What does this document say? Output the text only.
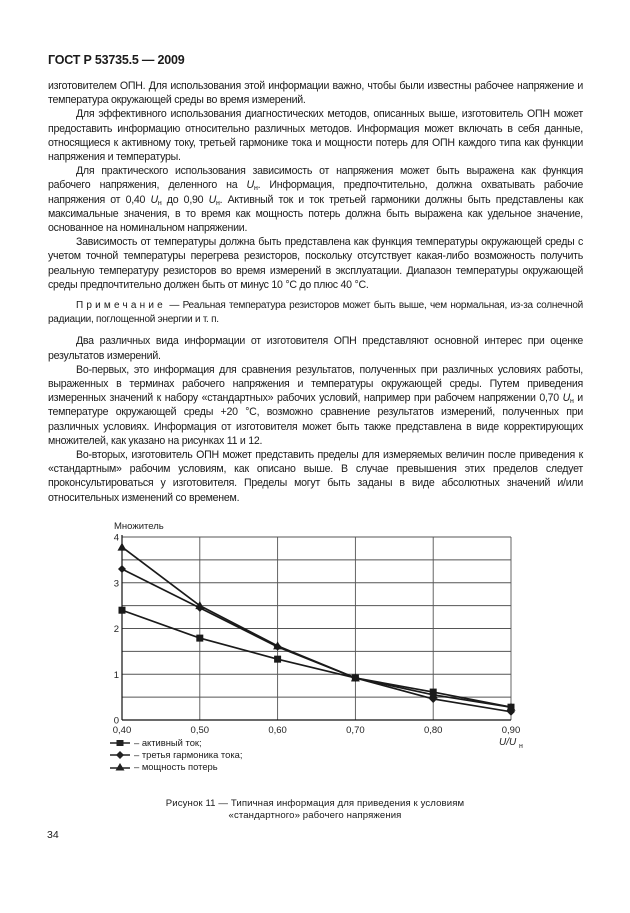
ГОСТ Р 53735.5 — 2009

изготовителем ОПН. Для использования этой информации важно, чтобы были известны рабочее напряжение и температура окружающей среды во время измерений.

Для эффективного использования диагностических методов, описанных выше, изготовитель ОПН может предоставить информацию относительно различных методов. Информация может включать в себя данные, относящиеся к активному току, третьей гармонике тока и мощности потерь для ОПН каждого типа как функции напряжения и температуры.

Для практического использования зависимость от напряжения может быть выражена как функция рабочего напряжения, деленного на $U_н$. Информация, предпочтительно, должна охватывать рабочие напряжения от 0,40 $U_н$ до 0,90 $U_н$. Активный ток и ток третьей гармоники должны быть представлены как максимальные значения, в то время как мощность потерь должна быть выражена как удельное значение, основанное на номинальном напряжении.

Зависимость от температуры должна быть представлена как функция температуры окружающей среды с учетом точной температуры перегрева резисторов, поскольку отсутствует какая-либо возможность получить реальную температуру резисторов во время измерений в эксплуатации. Диапазон температуры окружающей среды предпочтительно должен быть от минус 10 °С до плюс 40 °С.

Примечание — Реальная температура резисторов может быть выше, чем нормальная, из-за солнечной радиации, поглощенной энергии и т. п.

Два различных вида информации от изготовителя ОПН представляют основной интерес при оценке результатов измерений.

Во-первых, это информация для сравнения результатов, полученных при различных условиях работы, выраженных в терминах рабочего напряжения и температуры окружающей среды. Путем приведения измеренных значений к набору «стандартных» рабочих условий, например при рабочем напряжении 0,70 $U_н$ и температуре окружающей среды +20 °С, возможно сравнение результатов измерений, полученных при различных условиях. Информация от изготовителя может быть также представлена в виде корректирующих множителей, как указано на рисунках 11 и 12.

Во-вторых, изготовитель ОПН может представить пределы для измеряемых величин после приведения к «стандартным» рабочим условиям, как описано выше. В случае превышения этих пределов следует проконсультироваться у изготовителя. Пределы могут быть заданы в виде абсолютных значений и/или относительных изменений со временем.

0
1
2
3
4
0,40	0,50	0,60	0,70	0,80	0,90
Множитель
U/U н
– активный ток;
– третья гармоника тока;
– мощность потерь
Рисунок 11 — Типичная информация для приведения к условиям
«стандартного» рабочего напряжения
34
